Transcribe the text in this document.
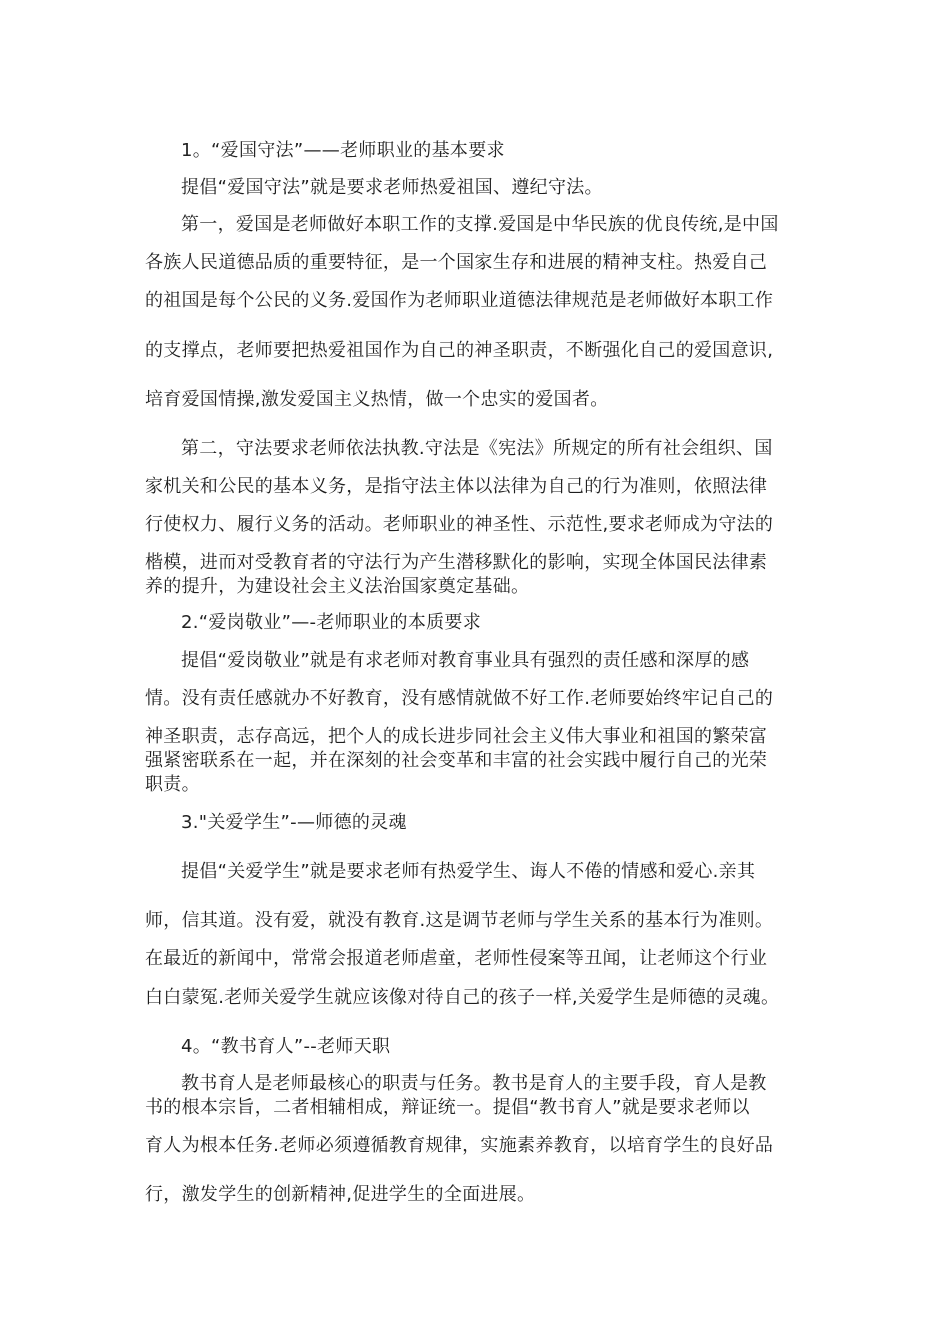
1。“爱国守法”——老师职业的基本要求
提倡“爱国守法”就是要求老师热爱祖国、遵纪守法。
第一，爱国是老师做好本职工作的支撑.爱国是中华民族的优良传统,是中国
各族人民道德品质的重要特征，是一个国家生存和进展的精神支柱。热爱自己
的祖国是每个公民的义务.爱国作为老师职业道德法律规范是老师做好本职工作
的支撑点，老师要把热爱祖国作为自己的神圣职责，不断强化自己的爱国意识,
培育爱国情操,激发爱国主义热情，做一个忠实的爱国者。
第二，守法要求老师依法执教.守法是《宪法》所规定的所有社会组织、国
家机关和公民的基本义务，是指守法主体以法律为自己的行为准则，依照法律
行使权力、履行义务的活动。老师职业的神圣性、示范性,要求老师成为守法的
楷模，进而对受教育者的守法行为产生潜移默化的影响，实现全体国民法律素
养的提升，为建设社会主义法治国家奠定基础。
2.“爱岗敬业”—-老师职业的本质要求
提倡“爱岗敬业”就是有求老师对教育事业具有强烈的责任感和深厚的感
情。没有责任感就办不好教育，没有感情就做不好工作.老师要始终牢记自己的
神圣职责，志存高远，把个人的成长进步同社会主义伟大事业和祖国的繁荣富
强紧密联系在一起，并在深刻的社会变革和丰富的社会实践中履行自己的光荣
职责。
3."关爱学生”-—师德的灵魂
提倡“关爱学生”就是要求老师有热爱学生、诲人不倦的情感和爱心.亲其
师，信其道。没有爱，就没有教育.这是调节老师与学生关系的基本行为准则。
在最近的新闻中，常常会报道老师虐童，老师性侵案等丑闻，让老师这个行业
白白蒙冤.老师关爱学生就应该像对待自己的孩子一样,关爱学生是师德的灵魂。
4。“教书育人”--老师天职
教书育人是老师最核心的职责与任务。教书是育人的主要手段，育人是教
书的根本宗旨，二者相辅相成，辩证统一。提倡“教书育人”就是要求老师以
育人为根本任务.老师必须遵循教育规律，实施素养教育，以培育学生的良好品
行，激发学生的创新精神,促进学生的全面进展。
